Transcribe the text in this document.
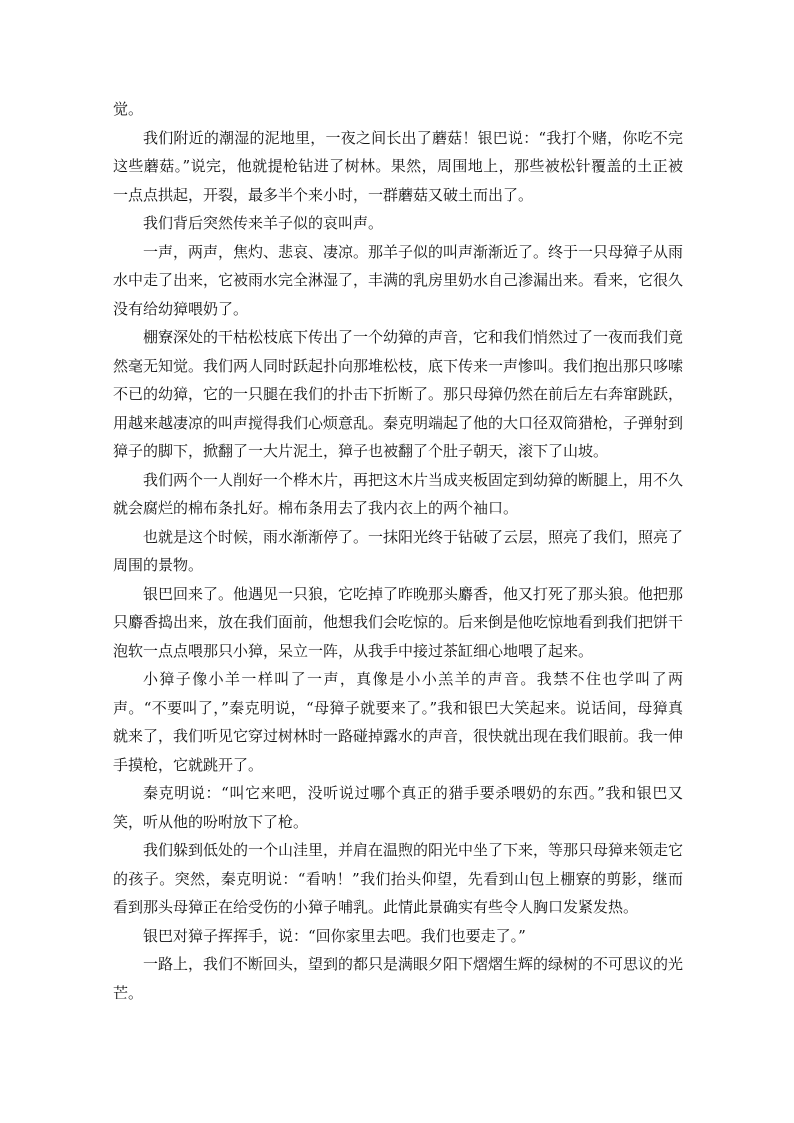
觉。

我们附近的潮湿的泥地里，一夜之间长出了蘑菇！银巴说：“我打个赌，你吃不完这些蘑菇。”说完，他就提枪钻进了树林。果然，周围地上，那些被松针覆盖的土正被一点点拱起，开裂，最多半个来小时，一群蘑菇又破土而出了。

我们背后突然传来羊子似的哀叫声。

一声，两声，焦灼、悲哀、凄凉。那羊子似的叫声渐渐近了。终于一只母獐子从雨水中走了出来，它被雨水完全淋湿了，丰满的乳房里奶水自己渗漏出来。看来，它很久没有给幼獐喂奶了。

棚寮深处的干枯松枝底下传出了一个幼獐的声音，它和我们悄然过了一夜而我们竟然毫无知觉。我们两人同时跃起扑向那堆松枝，底下传来一声惨叫。我们抱出那只哆嗦不已的幼獐，它的一只腿在我们的扑击下折断了。那只母獐仍然在前后左右奔窜跳跃，用越来越凄凉的叫声搅得我们心烦意乱。秦克明端起了他的大口径双筒猎枪，子弹射到獐子的脚下，掀翻了一大片泥土，獐子也被翻了个肚子朝天，滚下了山坡。

我们两个一人削好一个桦木片，再把这木片当成夹板固定到幼獐的断腿上，用不久就会腐烂的棉布条扎好。棉布条用去了我内衣上的两个袖口。

也就是这个时候，雨水渐渐停了。一抹阳光终于钻破了云层，照亮了我们，照亮了周围的景物。

银巴回来了。他遇见一只狼，它吃掉了昨晚那头麝香，他又打死了那头狼。他把那只麝香捣出来，放在我们面前，他想我们会吃惊的。后来倒是他吃惊地看到我们把饼干泡软一点点喂那只小獐，呆立一阵，从我手中接过茶缸细心地喂了起来。

小獐子像小羊一样叫了一声，真像是小小羔羊的声音。我禁不住也学叫了两声。“不要叫了，”秦克明说，“母獐子就要来了。”我和银巴大笑起来。说话间，母獐真就来了，我们听见它穿过树林时一路碰掉露水的声音，很快就出现在我们眼前。我一伸手摸枪，它就跳开了。

秦克明说：“叫它来吧，没听说过哪个真正的猎手要杀喂奶的东西。”我和银巴又笑，听从他的吩咐放下了枪。

我们躲到低处的一个山洼里，并肩在温煦的阳光中坐了下来，等那只母獐来领走它的孩子。突然，秦克明说：“看呐！”我们抬头仰望，先看到山包上棚寮的剪影，继而看到那头母獐正在给受伤的小獐子哺乳。此情此景确实有些令人胸口发紧发热。

银巴对獐子挥挥手，说：“回你家里去吧。我们也要走了。”

一路上，我们不断回头，望到的都只是满眼夕阳下熠熠生辉的绿树的不可思议的光芒。
